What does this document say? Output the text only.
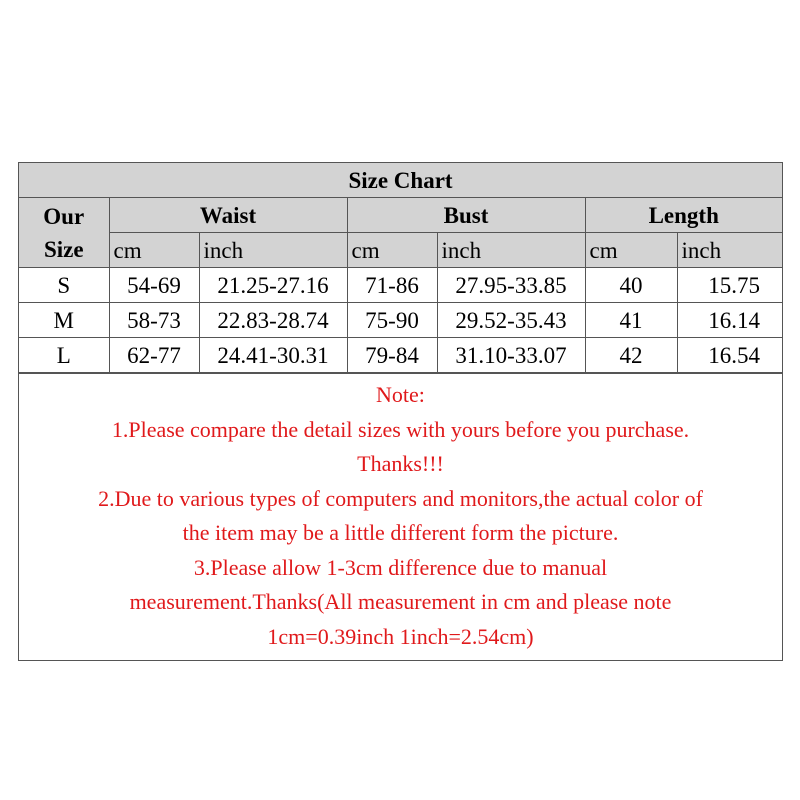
Size Chart						

Our
Size	Waist		Bust		Length	
	cm	inch	cm	inch	cm	inch
S	54-69	21.25-27.16	71-86	27.95-33.85	40	15.75
M	58-73	22.83-28.74	75-90	29.52-35.43	41	16.14
L	62-77	24.41-30.31	79-84	31.10-33.07	42	16.54

Note:

1.Please compare the detail sizes with yours before you purchase.

Thanks!!!

2.Due to various types of computers and monitors,the actual color of

the item may be a little different form the picture.

3.Please allow 1-3cm difference due to manual

measurement.Thanks(All measurement in cm and please note

1cm=0.39inch 1inch=2.54cm)
